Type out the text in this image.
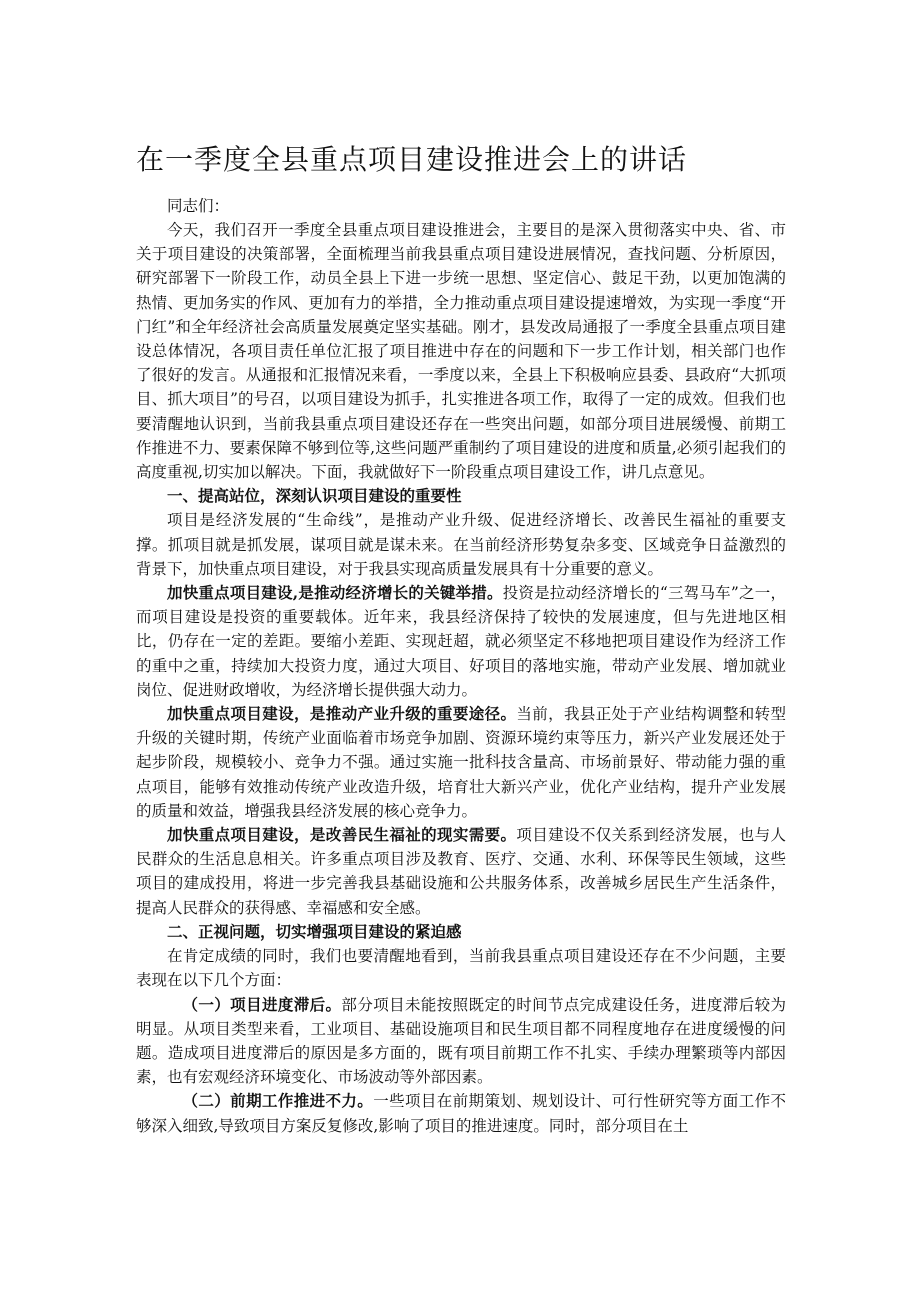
在一季度全县重点项目建设推进会上的讲话

同志们：

今天，我们召开一季度全县重点项目建设推进会，主要目的是深入贯彻落实中央、省、市关于项目建设的决策部署，全面梳理当前我县重点项目建设进展情况，查找问题、分析原因，研究部署下一阶段工作，动员全县上下进一步统一思想、坚定信心、鼓足干劲，以更加饱满的热情、更加务实的作风、更加有力的举措，全力推动重点项目建设提速增效，为实现一季度“开门红”和全年经济社会高质量发展奠定坚实基础。刚才，县发改局通报了一季度全县重点项目建设总体情况，各项目责任单位汇报了项目推进中存在的问题和下一步工作计划，相关部门也作了很好的发言。从通报和汇报情况来看，一季度以来，全县上下积极响应县委、县政府“大抓项目、抓大项目”的号召，以项目建设为抓手，扎实推进各项工作，取得了一定的成效。但我们也要清醒地认识到，当前我县重点项目建设还存在一些突出问题，如部分项目进展缓慢、前期工作推进不力、要素保障不够到位等,这些问题严重制约了项目建设的进度和质量,必须引起我们的高度重视,切实加以解决。下面，我就做好下一阶段重点项目建设工作，讲几点意见。

一、提高站位，深刻认识项目建设的重要性

项目是经济发展的“生命线”，是推动产业升级、促进经济增长、改善民生福祉的重要支撑。抓项目就是抓发展，谋项目就是谋未来。在当前经济形势复杂多变、区域竞争日益激烈的背景下，加快重点项目建设，对于我县实现高质量发展具有十分重要的意义。

加快重点项目建设,是推动经济增长的关键举措。投资是拉动经济增长的“三驾马车”之一，而项目建设是投资的重要载体。近年来，我县经济保持了较快的发展速度，但与先进地区相比，仍存在一定的差距。要缩小差距、实现赶超，就必须坚定不移地把项目建设作为经济工作的重中之重，持续加大投资力度，通过大项目、好项目的落地实施，带动产业发展、增加就业岗位、促进财政增收，为经济增长提供强大动力。

加快重点项目建设，是推动产业升级的重要途径。当前，我县正处于产业结构调整和转型升级的关键时期，传统产业面临着市场竞争加剧、资源环境约束等压力，新兴产业发展还处于起步阶段，规模较小、竞争力不强。通过实施一批科技含量高、市场前景好、带动能力强的重点项目，能够有效推动传统产业改造升级，培育壮大新兴产业，优化产业结构，提升产业发展的质量和效益，增强我县经济发展的核心竞争力。

加快重点项目建设，是改善民生福祉的现实需要。项目建设不仅关系到经济发展，也与人民群众的生活息息相关。许多重点项目涉及教育、医疗、交通、水利、环保等民生领域，这些项目的建成投用，将进一步完善我县基础设施和公共服务体系，改善城乡居民生产生活条件，提高人民群众的获得感、幸福感和安全感。

二、正视问题，切实增强项目建设的紧迫感

在肯定成绩的同时，我们也要清醒地看到，当前我县重点项目建设还存在不少问题，主要表现在以下几个方面：

（一）项目进度滞后。部分项目未能按照既定的时间节点完成建设任务，进度滞后较为明显。从项目类型来看，工业项目、基础设施项目和民生项目都不同程度地存在进度缓慢的问题。造成项目进度滞后的原因是多方面的，既有项目前期工作不扎实、手续办理繁琐等内部因素，也有宏观经济环境变化、市场波动等外部因素。

（二）前期工作推进不力。一些项目在前期策划、规划设计、可行性研究等方面工作不够深入细致,导致项目方案反复修改,影响了项目的推进速度。同时，部分项目在土
